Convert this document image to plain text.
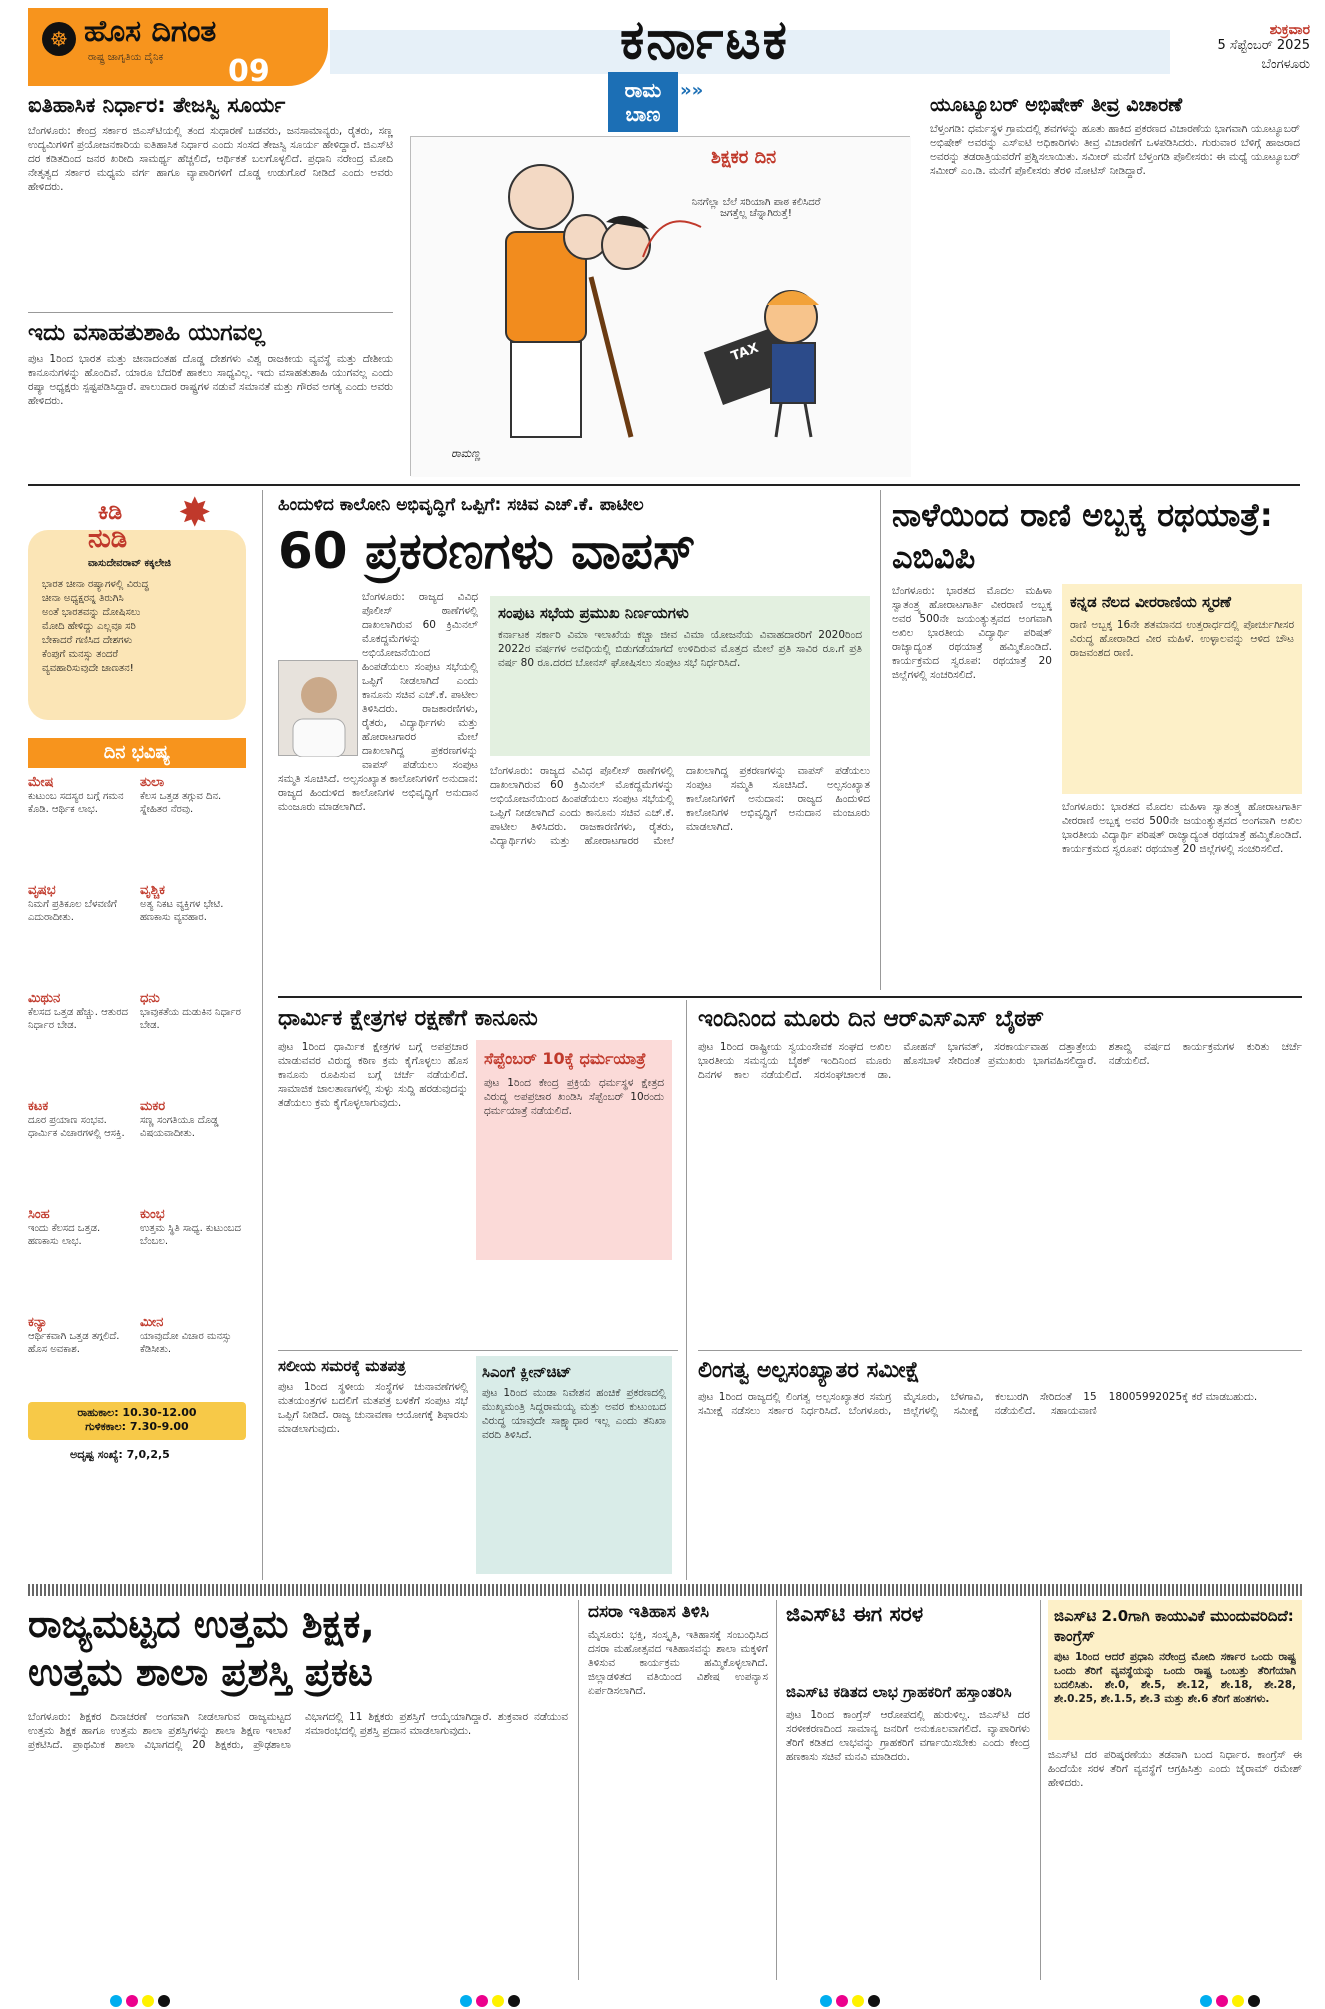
☸ ಹೊಸ ದಿಗಂತ
ರಾಷ್ಟ್ರ ಜಾಗೃತಿಯ ದೈನಿಕ 09
ಕರ್ನಾಟಕ	ಶುಕ್ರವಾರ
5 ಸೆಪ್ಟೆಂಬರ್ 2025
ಬೆಂಗಳೂರು
ರಾಮ ಬಾಣ
»»
ಐತಿಹಾಸಿಕ ನಿರ್ಧಾರ: ತೇಜಸ್ವಿ ಸೂರ್ಯ
ಬೆಂಗಳೂರು: ಕೇಂದ್ರ ಸರ್ಕಾರ ಜಿಎಸ್‌ಟಿಯಲ್ಲಿ ತಂದ ಸುಧಾರಣೆ ಬಡವರು, ಜನಸಾಮಾನ್ಯರು, ರೈತರು, ಸಣ್ಣ ಉದ್ಯಮಿಗಳಿಗೆ ಪ್ರಯೋಜನಕಾರಿಯ ಐತಿಹಾಸಿಕ ನಿರ್ಧಾರ ಎಂದು ಸಂಸದ ತೇಜಸ್ವಿ ಸೂರ್ಯ ಹೇಳಿದ್ದಾರೆ. ಜಿಎಸ್‌ಟಿ ದರ ಕಡಿತದಿಂದ ಜನರ ಖರೀದಿ ಸಾಮರ್ಥ್ಯ ಹೆಚ್ಚಲಿದೆ, ಆರ್ಥಿಕತೆ ಬಲಗೊಳ್ಳಲಿದೆ. ಪ್ರಧಾನಿ ನರೇಂದ್ರ ಮೋದಿ ನೇತೃತ್ವದ ಸರ್ಕಾರ ಮಧ್ಯಮ ವರ್ಗ ಹಾಗೂ ವ್ಯಾಪಾರಿಗಳಿಗೆ ದೊಡ್ಡ ಉಡುಗೊರೆ ನೀಡಿದೆ ಎಂದು ಅವರು ಹೇಳಿದರು.
ಇದು ವಸಾಹತುಶಾಹಿ ಯುಗವಲ್ಲ
ಪುಟ 1ರಿಂದ ಭಾರತ ಮತ್ತು ಚೀನಾದಂತಹ ದೊಡ್ಡ ದೇಶಗಳು ವಿಶ್ವ ರಾಜಕೀಯ ವ್ಯವಸ್ಥೆ ಮತ್ತು ದೇಶೀಯ ಕಾನೂನುಗಳನ್ನು ಹೊಂದಿವೆ. ಯಾರೂ ಬೆದರಿಕೆ ಹಾಕಲು ಸಾಧ್ಯವಿಲ್ಲ. ಇದು ವಸಾಹತುಶಾಹಿ ಯುಗವಲ್ಲ ಎಂದು ರಷ್ಯಾ ಅಧ್ಯಕ್ಷರು ಸ್ಪಷ್ಟಪಡಿಸಿದ್ದಾರೆ. ಪಾಲುದಾರ ರಾಷ್ಟ್ರಗಳ ನಡುವೆ ಸಮಾನತೆ ಮತ್ತು ಗೌರವ ಅಗತ್ಯ ಎಂದು ಅವರು ಹೇಳಿದರು.
ಶಿಕ್ಷಕರ ದಿನ
ನಿನಗೆಲ್ಲಾ ಬೆಲೆ ಸರಿಯಾಗಿ ಪಾಠ ಕಲಿಸಿದರೆ ಜಗತ್ತೆಲ್ಲ ಚೆನ್ನಾಗಿರುತ್ತೆ!
TAX
ರಾಮಣ್ಣ
ಯೂಟ್ಯೂಬರ್ ಅಭಿಷೇಕ್ ತೀವ್ರ ವಿಚಾರಣೆ
ಬೆಳ್ತಂಗಡಿ: ಧರ್ಮಸ್ಥಳ ಗ್ರಾಮದಲ್ಲಿ ಶವಗಳನ್ನು ಹೂತು ಹಾಕಿದ ಪ್ರಕರಣದ ವಿಚಾರಣೆಯ ಭಾಗವಾಗಿ ಯೂಟ್ಯೂಬರ್ ಅಭಿಷೇಕ್ ಅವರನ್ನು ಎಸ್‌ಐಟಿ ಅಧಿಕಾರಿಗಳು ತೀವ್ರ ವಿಚಾರಣೆಗೆ ಒಳಪಡಿಸಿದರು. ಗುರುವಾರ ಬೆಳಿಗ್ಗೆ ಹಾಜರಾದ ಅವರನ್ನು ತಡರಾತ್ರಿಯವರೆಗೆ ಪ್ರಶ್ನಿಸಲಾಯಿತು. ಸಮೀರ್ ಮನೆಗೆ ಬೆಳ್ತಂಗಡಿ ಪೊಲೀಸರು: ಈ ಮಧ್ಯೆ ಯೂಟ್ಯೂಬರ್ ಸಮೀರ್ ಎಂ.ಡಿ. ಮನೆಗೆ ಪೊಲೀಸರು ತೆರಳಿ ನೋಟಿಸ್ ನೀಡಿದ್ದಾರೆ.
ಕಿಡಿ
ನುಡಿ
✸
ವಾಸುದೇವರಾವ್ ಕಕ್ಕಲೇಜಿ
ಭಾರತ ಚೀನಾ ರಷ್ಯಾಗಳಲ್ಲಿ ವಿರುದ್ಧ
ಚೀನಾ ಅಧ್ಯಕ್ಷರನ್ನ ತಿರುಗಿಸಿ
ಅಂತೆ ಭಾರತವನ್ನು ದೋಷಿಸಲು
ಮೋದಿ ಹೇಳಿದ್ದು ಎಲ್ಲವೂ ಸರಿ
ಬೇಕಾದರೆ ಗಣಿಸಿದ ದೇಶಗಳು
ಕೆಂಪುಗೆ ಮನಸ್ಸು ತಂದರೆ
ವ್ಯವಹಾರಿಸುವುದೇ ಜಾಣತನ!
ದಿನ ಭವಿಷ್ಯ
ಮೇಷ
ಕುಟುಂಬ ಸದಸ್ಯರ ಬಗ್ಗೆ ಗಮನ ಕೊಡಿ. ಆರ್ಥಿಕ ಲಾಭ.
ತುಲಾ
ಕೆಲಸ ಒತ್ತಡ ತಗ್ಗುವ ದಿನ. ಸ್ನೇಹಿತರ ನೆರವು.
ವೃಷಭ
ನಿಮಗೆ ಪ್ರತಿಕೂಲ ಬೆಳವಣಿಗೆ ಎದುರಾದೀತು.
ವೃಶ್ಚಿಕ
ಅತ್ಯ ನಿಕಟ ವ್ಯಕ್ತಿಗಳ ಭೇಟಿ. ಹಣಕಾಸು ವ್ಯವಹಾರ.
ಮಿಥುನ
ಕೆಲಸದ ಒತ್ತಡ ಹೆಚ್ಚು. ಆತುರದ ನಿರ್ಧಾರ ಬೇಡ.
ಧನು
ಭಾವುಕತೆಯ ದುಡುಕಿನ ನಿರ್ಧಾರ ಬೇಡ.
ಕಟಕ
ದೂರ ಪ್ರಯಾಣ ಸಂಭವ. ಧಾರ್ಮಿಕ ವಿಚಾರಗಳಲ್ಲಿ ಆಸಕ್ತಿ.
ಮಕರ
ಸಣ್ಣ ಸಂಗತಿಯೂ ದೊಡ್ಡ ವಿಷಯವಾದೀತು.
ಸಿಂಹ
ಇಂದು ಕೆಲಸದ ಒತ್ತಡ. ಹಣಕಾಸು ಲಾಭ.
ಕುಂಭ
ಉತ್ತಮ ಸ್ಥಿತಿ ಸಾಧ್ಯ. ಕುಟುಂಬದ ಬೆಂಬಲ.
ಕನ್ಯಾ
ಆರ್ಥಿಕವಾಗಿ ಒತ್ತಡ ತಗ್ಗಲಿದೆ. ಹೊಸ ಅವಕಾಶ.
ಮೀನ
ಯಾವುದೋ ವಿಚಾರ ಮನಸ್ಸು ಕೆಡಿಸೀತು.
ರಾಹುಕಾಲ: 10.30-12.00
ಗುಳಿಕಕಾಲ: 7.30-9.00
ಅದೃಷ್ಟ ಸಂಖ್ಯೆ: 7,0,2,5
ಹಿಂದುಳಿದ ಕಾಲೋನಿ ಅಭಿವೃದ್ಧಿಗೆ ಒಪ್ಪಿಗೆ: ಸಚಿವ ಎಚ್.ಕೆ. ಪಾಟೀಲ
60 ಪ್ರಕರಣಗಳು ವಾಪಸ್
ಬೆಂಗಳೂರು: ರಾಜ್ಯದ ವಿವಿಧ ಪೊಲೀಸ್ ಠಾಣೆಗಳಲ್ಲಿ ದಾಖಲಾಗಿರುವ 60 ಕ್ರಿಮಿನಲ್ ಮೊಕದ್ದಮೆಗಳನ್ನು ಅಭಿಯೋಜನೆಯಿಂದ ಹಿಂಪಡೆಯಲು ಸಂಪುಟ ಸಭೆಯಲ್ಲಿ ಒಪ್ಪಿಗೆ ನೀಡಲಾಗಿದೆ ಎಂದು ಕಾನೂನು ಸಚಿವ ಎಚ್.ಕೆ. ಪಾಟೀಲ ತಿಳಿಸಿದರು. ರಾಜಕಾರಣಿಗಳು, ರೈತರು, ವಿದ್ಯಾರ್ಥಿಗಳು ಮತ್ತು ಹೋರಾಟಗಾರರ ಮೇಲೆ ದಾಖಲಾಗಿದ್ದ ಪ್ರಕರಣಗಳನ್ನು ವಾಪಸ್ ಪಡೆಯಲು ಸಂಪುಟ ಸಮ್ಮತಿ ಸೂಚಿಸಿದೆ. ಅಲ್ಪಸಂಖ್ಯಾತ ಕಾಲೋನಿಗಳಿಗೆ ಅನುದಾನ: ರಾಜ್ಯದ ಹಿಂದುಳಿದ ಕಾಲೋನಿಗಳ ಅಭಿವೃದ್ಧಿಗೆ ಅನುದಾನ ಮಂಜೂರು ಮಾಡಲಾಗಿದೆ.
ಸಂಪುಟ ಸಭೆಯ ಪ್ರಮುಖ ನಿರ್ಣಯಗಳು
ಕರ್ನಾಟಕ ಸರ್ಕಾರಿ ವಿಮಾ ಇಲಾಖೆಯ ಕಚ್ಚಾ ಜೀವ ವಿಮಾ ಯೋಜನೆಯ ವಿವಾಹದಾರರಿಗೆ 2020ರಿಂದ 2022ರ ವರ್ಷಗಳ ಅವಧಿಯಲ್ಲಿ ಬಿಡುಗಡೆಯಾಗದೆ ಉಳಿದಿರುವ ಮೊತ್ತದ ಮೇಲೆ ಪ್ರತಿ ಸಾವಿರ ರೂ.ಗೆ ಪ್ರತಿ ವರ್ಷ 80 ರೂ.ದರದ ಬೋನಸ್ ಘೋಷಿಸಲು ಸಂಪುಟ ಸಭೆ ನಿರ್ಧರಿಸಿದೆ.
ಬೆಂಗಳೂರು: ರಾಜ್ಯದ ವಿವಿಧ ಪೊಲೀಸ್ ಠಾಣೆಗಳಲ್ಲಿ ದಾಖಲಾಗಿರುವ 60 ಕ್ರಿಮಿನಲ್ ಮೊಕದ್ದಮೆಗಳನ್ನು ಅಭಿಯೋಜನೆಯಿಂದ ಹಿಂಪಡೆಯಲು ಸಂಪುಟ ಸಭೆಯಲ್ಲಿ ಒಪ್ಪಿಗೆ ನೀಡಲಾಗಿದೆ ಎಂದು ಕಾನೂನು ಸಚಿವ ಎಚ್.ಕೆ. ಪಾಟೀಲ ತಿಳಿಸಿದರು. ರಾಜಕಾರಣಿಗಳು, ರೈತರು, ವಿದ್ಯಾರ್ಥಿಗಳು ಮತ್ತು ಹೋರಾಟಗಾರರ ಮೇಲೆ ದಾಖಲಾಗಿದ್ದ ಪ್ರಕರಣಗಳನ್ನು ವಾಪಸ್ ಪಡೆಯಲು ಸಂಪುಟ ಸಮ್ಮತಿ ಸೂಚಿಸಿದೆ. ಅಲ್ಪಸಂಖ್ಯಾತ ಕಾಲೋನಿಗಳಿಗೆ ಅನುದಾನ: ರಾಜ್ಯದ ಹಿಂದುಳಿದ ಕಾಲೋನಿಗಳ ಅಭಿವೃದ್ಧಿಗೆ ಅನುದಾನ ಮಂಜೂರು ಮಾಡಲಾಗಿದೆ.
ನಾಳೆಯಿಂದ ರಾಣಿ ಅಬ್ಬಕ್ಕ ರಥಯಾತ್ರೆ: ಎಬಿವಿಪಿ
ಬೆಂಗಳೂರು: ಭಾರತದ ಮೊದಲ ಮಹಿಳಾ ಸ್ವಾತಂತ್ರ್ಯ ಹೋರಾಟಗಾರ್ತಿ ವೀರರಾಣಿ ಅಬ್ಬಕ್ಕ ಅವರ 500ನೇ ಜಯಂತ್ಯುತ್ಸವದ ಅಂಗವಾಗಿ ಅಖಿಲ ಭಾರತೀಯ ವಿದ್ಯಾರ್ಥಿ ಪರಿಷತ್ ರಾಜ್ಯಾದ್ಯಂತ ರಥಯಾತ್ರೆ ಹಮ್ಮಿಕೊಂಡಿದೆ. ಕಾರ್ಯಕ್ರಮದ ಸ್ವರೂಪ: ರಥಯಾತ್ರೆ 20 ಜಿಲ್ಲೆಗಳಲ್ಲಿ ಸಂಚರಿಸಲಿದೆ.
ಕನ್ನಡ ನೆಲದ ವೀರರಾಣಿಯ ಸ್ಮರಣೆ
ರಾಣಿ ಅಬ್ಬಕ್ಕ 16ನೇ ಶತಮಾನದ ಉತ್ತರಾರ್ಧದಲ್ಲಿ ಪೋರ್ಚುಗೀಸರ ವಿರುದ್ಧ ಹೋರಾಡಿದ ವೀರ ಮಹಿಳೆ. ಉಳ್ಳಾಲವನ್ನು ಆಳಿದ ಚೌಟ ರಾಜವಂಶದ ರಾಣಿ.
ಬೆಂಗಳೂರು: ಭಾರತದ ಮೊದಲ ಮಹಿಳಾ ಸ್ವಾತಂತ್ರ್ಯ ಹೋರಾಟಗಾರ್ತಿ ವೀರರಾಣಿ ಅಬ್ಬಕ್ಕ ಅವರ 500ನೇ ಜಯಂತ್ಯುತ್ಸವದ ಅಂಗವಾಗಿ ಅಖಿಲ ಭಾರತೀಯ ವಿದ್ಯಾರ್ಥಿ ಪರಿಷತ್ ರಾಜ್ಯಾದ್ಯಂತ ರಥಯಾತ್ರೆ ಹಮ್ಮಿಕೊಂಡಿದೆ. ಕಾರ್ಯಕ್ರಮದ ಸ್ವರೂಪ: ರಥಯಾತ್ರೆ 20 ಜಿಲ್ಲೆಗಳಲ್ಲಿ ಸಂಚರಿಸಲಿದೆ.
ಧಾರ್ಮಿಕ ಕ್ಷೇತ್ರಗಳ ರಕ್ಷಣೆಗೆ ಕಾನೂನು
ಪುಟ 1ರಿಂದ ಧಾರ್ಮಿಕ ಕ್ಷೇತ್ರಗಳ ಬಗ್ಗೆ ಅಪಪ್ರಚಾರ ಮಾಡುವವರ ವಿರುದ್ಧ ಕಠಿಣ ಕ್ರಮ ಕೈಗೊಳ್ಳಲು ಹೊಸ ಕಾನೂನು ರೂಪಿಸುವ ಬಗ್ಗೆ ಚರ್ಚೆ ನಡೆಯಲಿದೆ. ಸಾಮಾಜಿಕ ಜಾಲತಾಣಗಳಲ್ಲಿ ಸುಳ್ಳು ಸುದ್ದಿ ಹರಡುವುದನ್ನು ತಡೆಯಲು ಕ್ರಮ ಕೈಗೊಳ್ಳಲಾಗುವುದು.
ಸೆಪ್ಟೆಂಬರ್ 10ಕ್ಕೆ ಧರ್ಮಯಾತ್ರೆ
ಪುಟ 1ರಿಂದ ಕೇಂದ್ರ ಪ್ರಕ್ರಿಯೆ ಧರ್ಮಸ್ಥಳ ಕ್ಷೇತ್ರದ ವಿರುದ್ಧ ಅಪಪ್ರಚಾರ ಖಂಡಿಸಿ ಸೆಪ್ಟೆಂಬರ್ 10ರಂದು ಧರ್ಮಯಾತ್ರೆ ನಡೆಯಲಿದೆ.
ಇಂದಿನಿಂದ ಮೂರು ದಿನ ಆರ್‌ಎಸ್‌ಎಸ್ ಬೈಠಕ್
ಪುಟ 1ರಿಂದ ರಾಷ್ಟ್ರೀಯ ಸ್ವಯಂಸೇವಕ ಸಂಘದ ಅಖಿಲ ಭಾರತೀಯ ಸಮನ್ವಯ ಬೈಠಕ್ ಇಂದಿನಿಂದ ಮೂರು ದಿನಗಳ ಕಾಲ ನಡೆಯಲಿದೆ. ಸರಸಂಘಚಾಲಕ ಡಾ. ಮೋಹನ್ ಭಾಗವತ್, ಸರಕಾರ್ಯವಾಹ ದತ್ತಾತ್ರೇಯ ಹೊಸಬಾಳೆ ಸೇರಿದಂತೆ ಪ್ರಮುಖರು ಭಾಗವಹಿಸಲಿದ್ದಾರೆ. ಶತಾಬ್ದಿ ವರ್ಷದ ಕಾರ್ಯಕ್ರಮಗಳ ಕುರಿತು ಚರ್ಚೆ ನಡೆಯಲಿದೆ.
ಸಲೀಯ ಸಮರಕ್ಕೆ ಮತಪತ್ರ
ಪುಟ 1ರಿಂದ ಸ್ಥಳೀಯ ಸಂಸ್ಥೆಗಳ ಚುನಾವಣೆಗಳಲ್ಲಿ ಮತಯಂತ್ರಗಳ ಬದಲಿಗೆ ಮತಪತ್ರ ಬಳಕೆಗೆ ಸಂಪುಟ ಸಭೆ ಒಪ್ಪಿಗೆ ನೀಡಿದೆ. ರಾಜ್ಯ ಚುನಾವಣಾ ಆಯೋಗಕ್ಕೆ ಶಿಫಾರಸು ಮಾಡಲಾಗುವುದು.
ಸಿಎಂಗೆ ಕ್ಲೀನ್‌ಚಿಟ್
ಪುಟ 1ರಿಂದ ಮುಡಾ ನಿವೇಶನ ಹಂಚಿಕೆ ಪ್ರಕರಣದಲ್ಲಿ ಮುಖ್ಯಮಂತ್ರಿ ಸಿದ್ದರಾಮಯ್ಯ ಮತ್ತು ಅವರ ಕುಟುಂಬದ ವಿರುದ್ಧ ಯಾವುದೇ ಸಾಕ್ಷ್ಯಾಧಾರ ಇಲ್ಲ ಎಂದು ತನಿಖಾ ವರದಿ ತಿಳಿಸಿದೆ.
ಲಿಂಗತ್ವ ಅಲ್ಪಸಂಖ್ಯಾತರ ಸಮೀಕ್ಷೆ
ಪುಟ 1ರಿಂದ ರಾಜ್ಯದಲ್ಲಿ ಲಿಂಗತ್ವ ಅಲ್ಪಸಂಖ್ಯಾತರ ಸಮಗ್ರ ಸಮೀಕ್ಷೆ ನಡೆಸಲು ಸರ್ಕಾರ ನಿರ್ಧರಿಸಿದೆ. ಬೆಂಗಳೂರು, ಮೈಸೂರು, ಬೆಳಗಾವಿ, ಕಲಬುರಗಿ ಸೇರಿದಂತೆ 15 ಜಿಲ್ಲೆಗಳಲ್ಲಿ ಸಮೀಕ್ಷೆ ನಡೆಯಲಿದೆ. ಸಹಾಯವಾಣಿ 18005992025ಕ್ಕೆ ಕರೆ ಮಾಡಬಹುದು.
ರಾಜ್ಯಮಟ್ಟದ ಉತ್ತಮ ಶಿಕ್ಷಕ,
ಉತ್ತಮ ಶಾಲಾ ಪ್ರಶಸ್ತಿ ಪ್ರಕಟ
ಬೆಂಗಳೂರು: ಶಿಕ್ಷಕರ ದಿನಾಚರಣೆ ಅಂಗವಾಗಿ ನೀಡಲಾಗುವ ರಾಜ್ಯಮಟ್ಟದ ಉತ್ತಮ ಶಿಕ್ಷಕ ಹಾಗೂ ಉತ್ತಮ ಶಾಲಾ ಪ್ರಶಸ್ತಿಗಳನ್ನು ಶಾಲಾ ಶಿಕ್ಷಣ ಇಲಾಖೆ ಪ್ರಕಟಿಸಿದೆ. ಪ್ರಾಥಮಿಕ ಶಾಲಾ ವಿಭಾಗದಲ್ಲಿ 20 ಶಿಕ್ಷಕರು, ಪ್ರೌಢಶಾಲಾ ವಿಭಾಗದಲ್ಲಿ 11 ಶಿಕ್ಷಕರು ಪ್ರಶಸ್ತಿಗೆ ಆಯ್ಕೆಯಾಗಿದ್ದಾರೆ. ಶುಕ್ರವಾರ ನಡೆಯುವ ಸಮಾರಂಭದಲ್ಲಿ ಪ್ರಶಸ್ತಿ ಪ್ರದಾನ ಮಾಡಲಾಗುವುದು.
ದಸರಾ ಇತಿಹಾಸ ತಿಳಿಸಿ
ಮೈಸೂರು: ಭಕ್ತಿ, ಸಂಸ್ಕೃತಿ, ಇತಿಹಾಸಕ್ಕೆ ಸಂಬಂಧಿಸಿದ ದಸರಾ ಮಹೋತ್ಸವದ ಇತಿಹಾಸವನ್ನು ಶಾಲಾ ಮಕ್ಕಳಿಗೆ ತಿಳಿಸುವ ಕಾರ್ಯಕ್ರಮ ಹಮ್ಮಿಕೊಳ್ಳಲಾಗಿದೆ. ಜಿಲ್ಲಾಡಳಿತದ ವತಿಯಿಂದ ವಿಶೇಷ ಉಪನ್ಯಾಸ ಏರ್ಪಡಿಸಲಾಗಿದೆ.
ಜಿಎಸ್‌ಟಿ ಈಗ ಸರಳ
ಜಿಎಸ್‌ಟಿ ಕಡಿತದ ಲಾಭ ಗ್ರಾಹಕರಿಗೆ ಹಸ್ತಾಂತರಿಸಿ
ಪುಟ 1ರಿಂದ ಕಾಂಗ್ರೆಸ್ ಆರೋಪದಲ್ಲಿ ಹುರುಳಿಲ್ಲ. ಜಿಎಸ್‌ಟಿ ದರ ಸರಳೀಕರಣದಿಂದ ಸಾಮಾನ್ಯ ಜನರಿಗೆ ಅನುಕೂಲವಾಗಲಿದೆ. ವ್ಯಾಪಾರಿಗಳು ತೆರಿಗೆ ಕಡಿತದ ಲಾಭವನ್ನು ಗ್ರಾಹಕರಿಗೆ ವರ್ಗಾಯಿಸಬೇಕು ಎಂದು ಕೇಂದ್ರ ಹಣಕಾಸು ಸಚಿವೆ ಮನವಿ ಮಾಡಿದರು.
ಜಿಎಸ್‌ಟಿ 2.0ಗಾಗಿ ಕಾಯುವಿಕೆ ಮುಂದುವರಿದಿದೆ: ಕಾಂಗ್ರೆಸ್
ಪುಟ 1ರಿಂದ ಆದರೆ ಪ್ರಧಾನಿ ನರೇಂದ್ರ ಮೋದಿ ಸರ್ಕಾರ ಒಂದು ರಾಷ್ಟ್ರ ಒಂದು ತೆರಿಗೆ ವ್ಯವಸ್ಥೆಯನ್ನು ಒಂದು ರಾಷ್ಟ್ರ ಒಂಬತ್ತು ತೆರಿಗೆಯಾಗಿ ಬದಲಿಸಿತು. ಶೇ.0, ಶೇ.5, ಶೇ.12, ಶೇ.18, ಶೇ.28, ಶೇ.0.25, ಶೇ.1.5, ಶೇ.3 ಮತ್ತು ಶೇ.6 ತೆರಿಗೆ ಹಂತಗಳು.
ಜಿಎಸ್‌ಟಿ ದರ ಪರಿಷ್ಕರಣೆಯು ತಡವಾಗಿ ಬಂದ ನಿರ್ಧಾರ. ಕಾಂಗ್ರೆಸ್ ಈ ಹಿಂದೆಯೇ ಸರಳ ತೆರಿಗೆ ವ್ಯವಸ್ಥೆಗೆ ಆಗ್ರಹಿಸಿತ್ತು ಎಂದು ಜೈರಾಮ್ ರಮೇಶ್ ಹೇಳಿದರು.
